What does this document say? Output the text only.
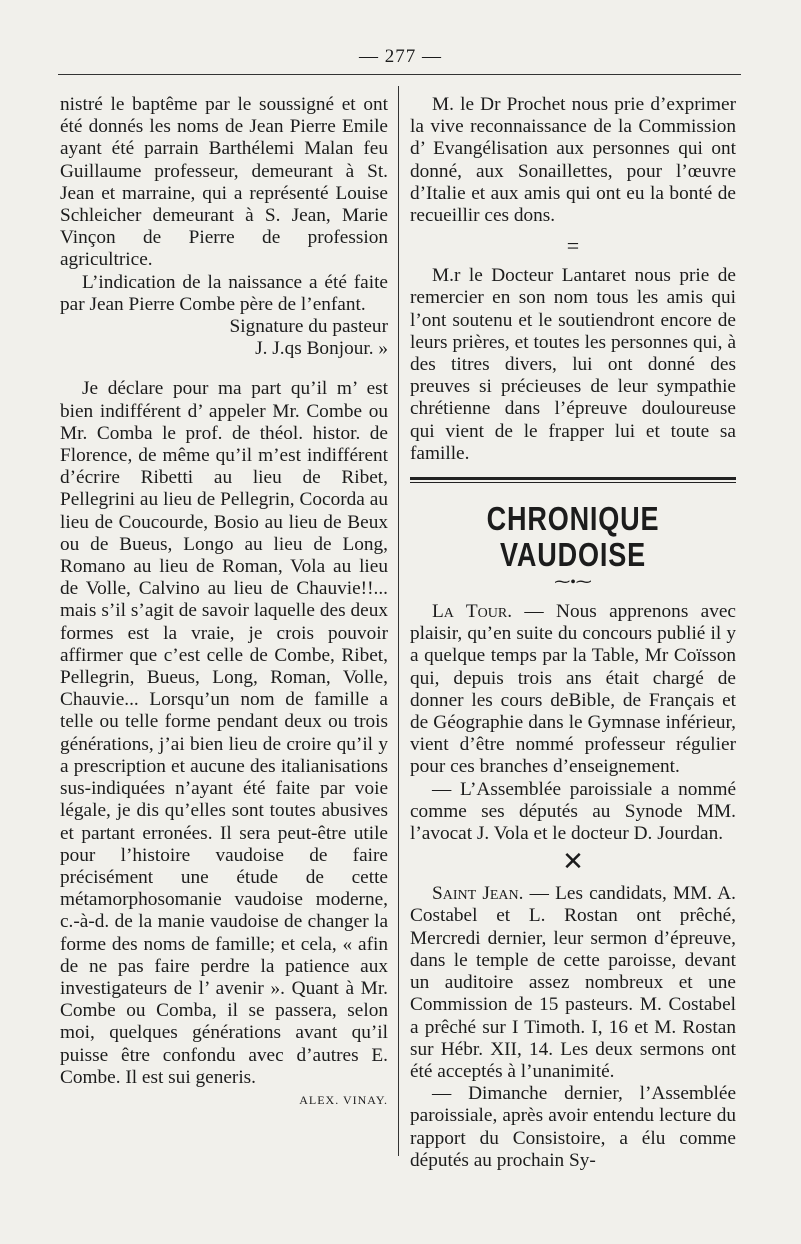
— 277 —

nistré le baptême par le soussigné et ont été donnés les noms de Jean Pierre Emile ayant été parrain Barthélemi Malan feu Guillaume professeur, demeurant à St. Jean et marraine, qui a représenté Louise Schleicher demeurant à S. Jean, Marie Vinçon de Pierre de profession agricultrice.

L’indication de la naissance a été faite par Jean Pierre Combe père de l’enfant.

Signature du pasteur

J. J.qs Bonjour. »

Je déclare pour ma part qu’il m’ est bien indifférent d’ appeler Mr. Combe ou Mr. Comba le prof. de théol. histor. de Florence, de même qu’il m’est indifférent d’écrire Ribetti au lieu de Ribet, Pellegrini au lieu de Pellegrin, Cocorda au lieu de Coucourde, Bosio au lieu de Beux ou de Bueus, Longo au lieu de Long, Romano au lieu de Roman, Vola au lieu de Volle, Calvino au lieu de Chauvie!!... mais s’il s’agit de savoir laquelle des deux formes est la vraie, je crois pouvoir affirmer que c’est celle de Combe, Ribet, Pellegrin, Bueus, Long, Roman, Volle, Chauvie... Lorsqu’un nom de famille a telle ou telle forme pendant deux ou trois générations, j’ai bien lieu de croire qu’il y a prescription et aucune des italianisations sus-indiquées n’ayant été faite par voie légale, je dis qu’elles sont toutes abusives et partant erronées. Il sera peut-être utile pour l’histoire vaudoise de faire précisément une étude de cette métamorphosomanie vaudoise moderne, c.-à-d. de la manie vaudoise de changer la forme des noms de famille; et cela, « afin de ne pas faire perdre la patience aux investigateurs de l’ avenir ». Quant à Mr. Combe ou Comba, il se passera, selon moi, quelques générations avant qu’il puisse être confondu avec d’autres E. Combe. Il est sui generis.

ALEX. VINAY.

M. le Dr Prochet nous prie d’exprimer la vive reconnaissance de la Commission d’ Evangélisation aux personnes qui ont donné, aux Sonaillettes, pour l’œuvre d’Italie et aux amis qui ont eu la bonté de recueillir ces dons.

=

M.r le Docteur Lantaret nous prie de remercier en son nom tous les amis qui l’ont soutenu et le soutiendront encore de leurs prières, et toutes les personnes qui, à des titres divers, lui ont donné des preuves si précieuses de leur sympathie chrétienne dans l’épreuve douloureuse qui vient de le frapper lui et toute sa famille.

CHRONIQUE VAUDOISE
⁓•⁓

La Tour. — Nous apprenons avec plaisir, qu’en suite du concours publié il y a quelque temps par la Table, Mr Coïsson qui, depuis trois ans était chargé de donner les cours deBible, de Français et de Géographie dans le Gymnase inférieur, vient d’être nommé professeur régulier pour ces branches d’enseignement.

— L’Assemblée paroissiale a nommé comme ses députés au Synode MM. l’avocat J. Vola et le docteur D. Jourdan.

✕

Saint Jean. — Les candidats, MM. A. Costabel et L. Rostan ont prêché, Mercredi dernier, leur sermon d’épreuve, dans le temple de cette paroisse, devant un auditoire assez nombreux et une Commission de 15 pasteurs. M. Costabel a prêché sur I Timoth. I, 16 et M. Rostan sur Hébr. XII, 14. Les deux sermons ont été acceptés à l’unanimité.

— Dimanche dernier, l’Assemblée paroissiale, après avoir entendu lecture du rapport du Consistoire, a élu comme députés au prochain Sy-
